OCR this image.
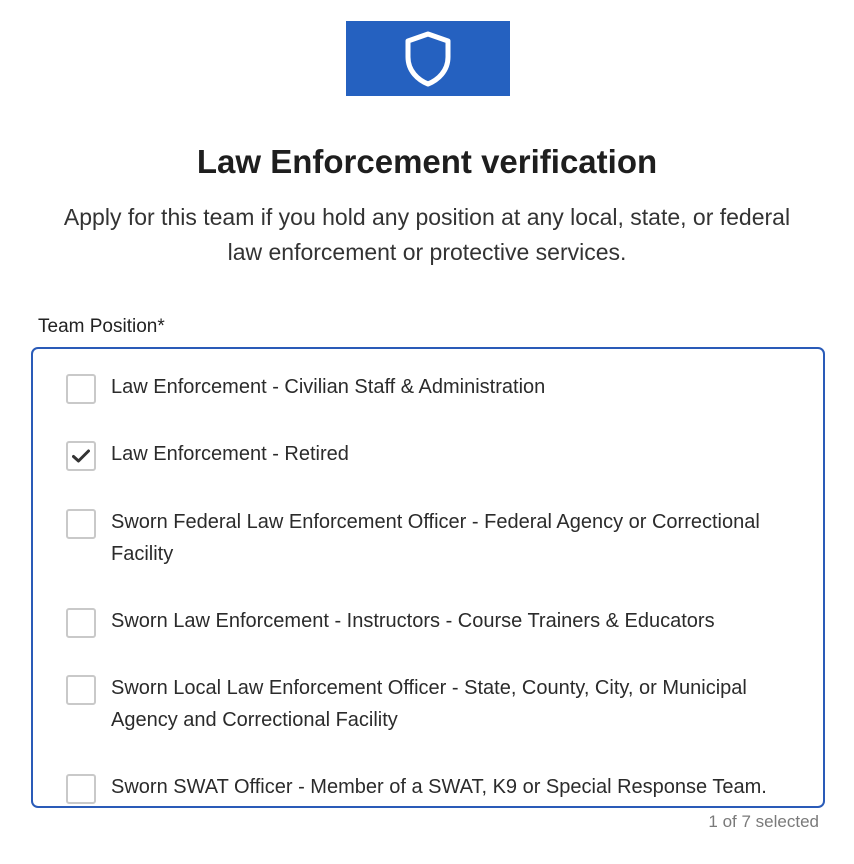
Law Enforcement verification
Apply for this team if you hold any position at any local, state, or federal
law enforcement or protective services.
Team Position*
Law Enforcement - Civilian Staff & Administration
Law Enforcement - Retired
Sworn Federal Law Enforcement Officer - Federal Agency or Correctional Facility
Sworn Law Enforcement - Instructors - Course Trainers & Educators
Sworn Local Law Enforcement Officer - State, County, City, or Municipal Agency and Correctional Facility
Sworn SWAT Officer - Member of a SWAT, K9 or Special Response Team.
1 of 7 selected
